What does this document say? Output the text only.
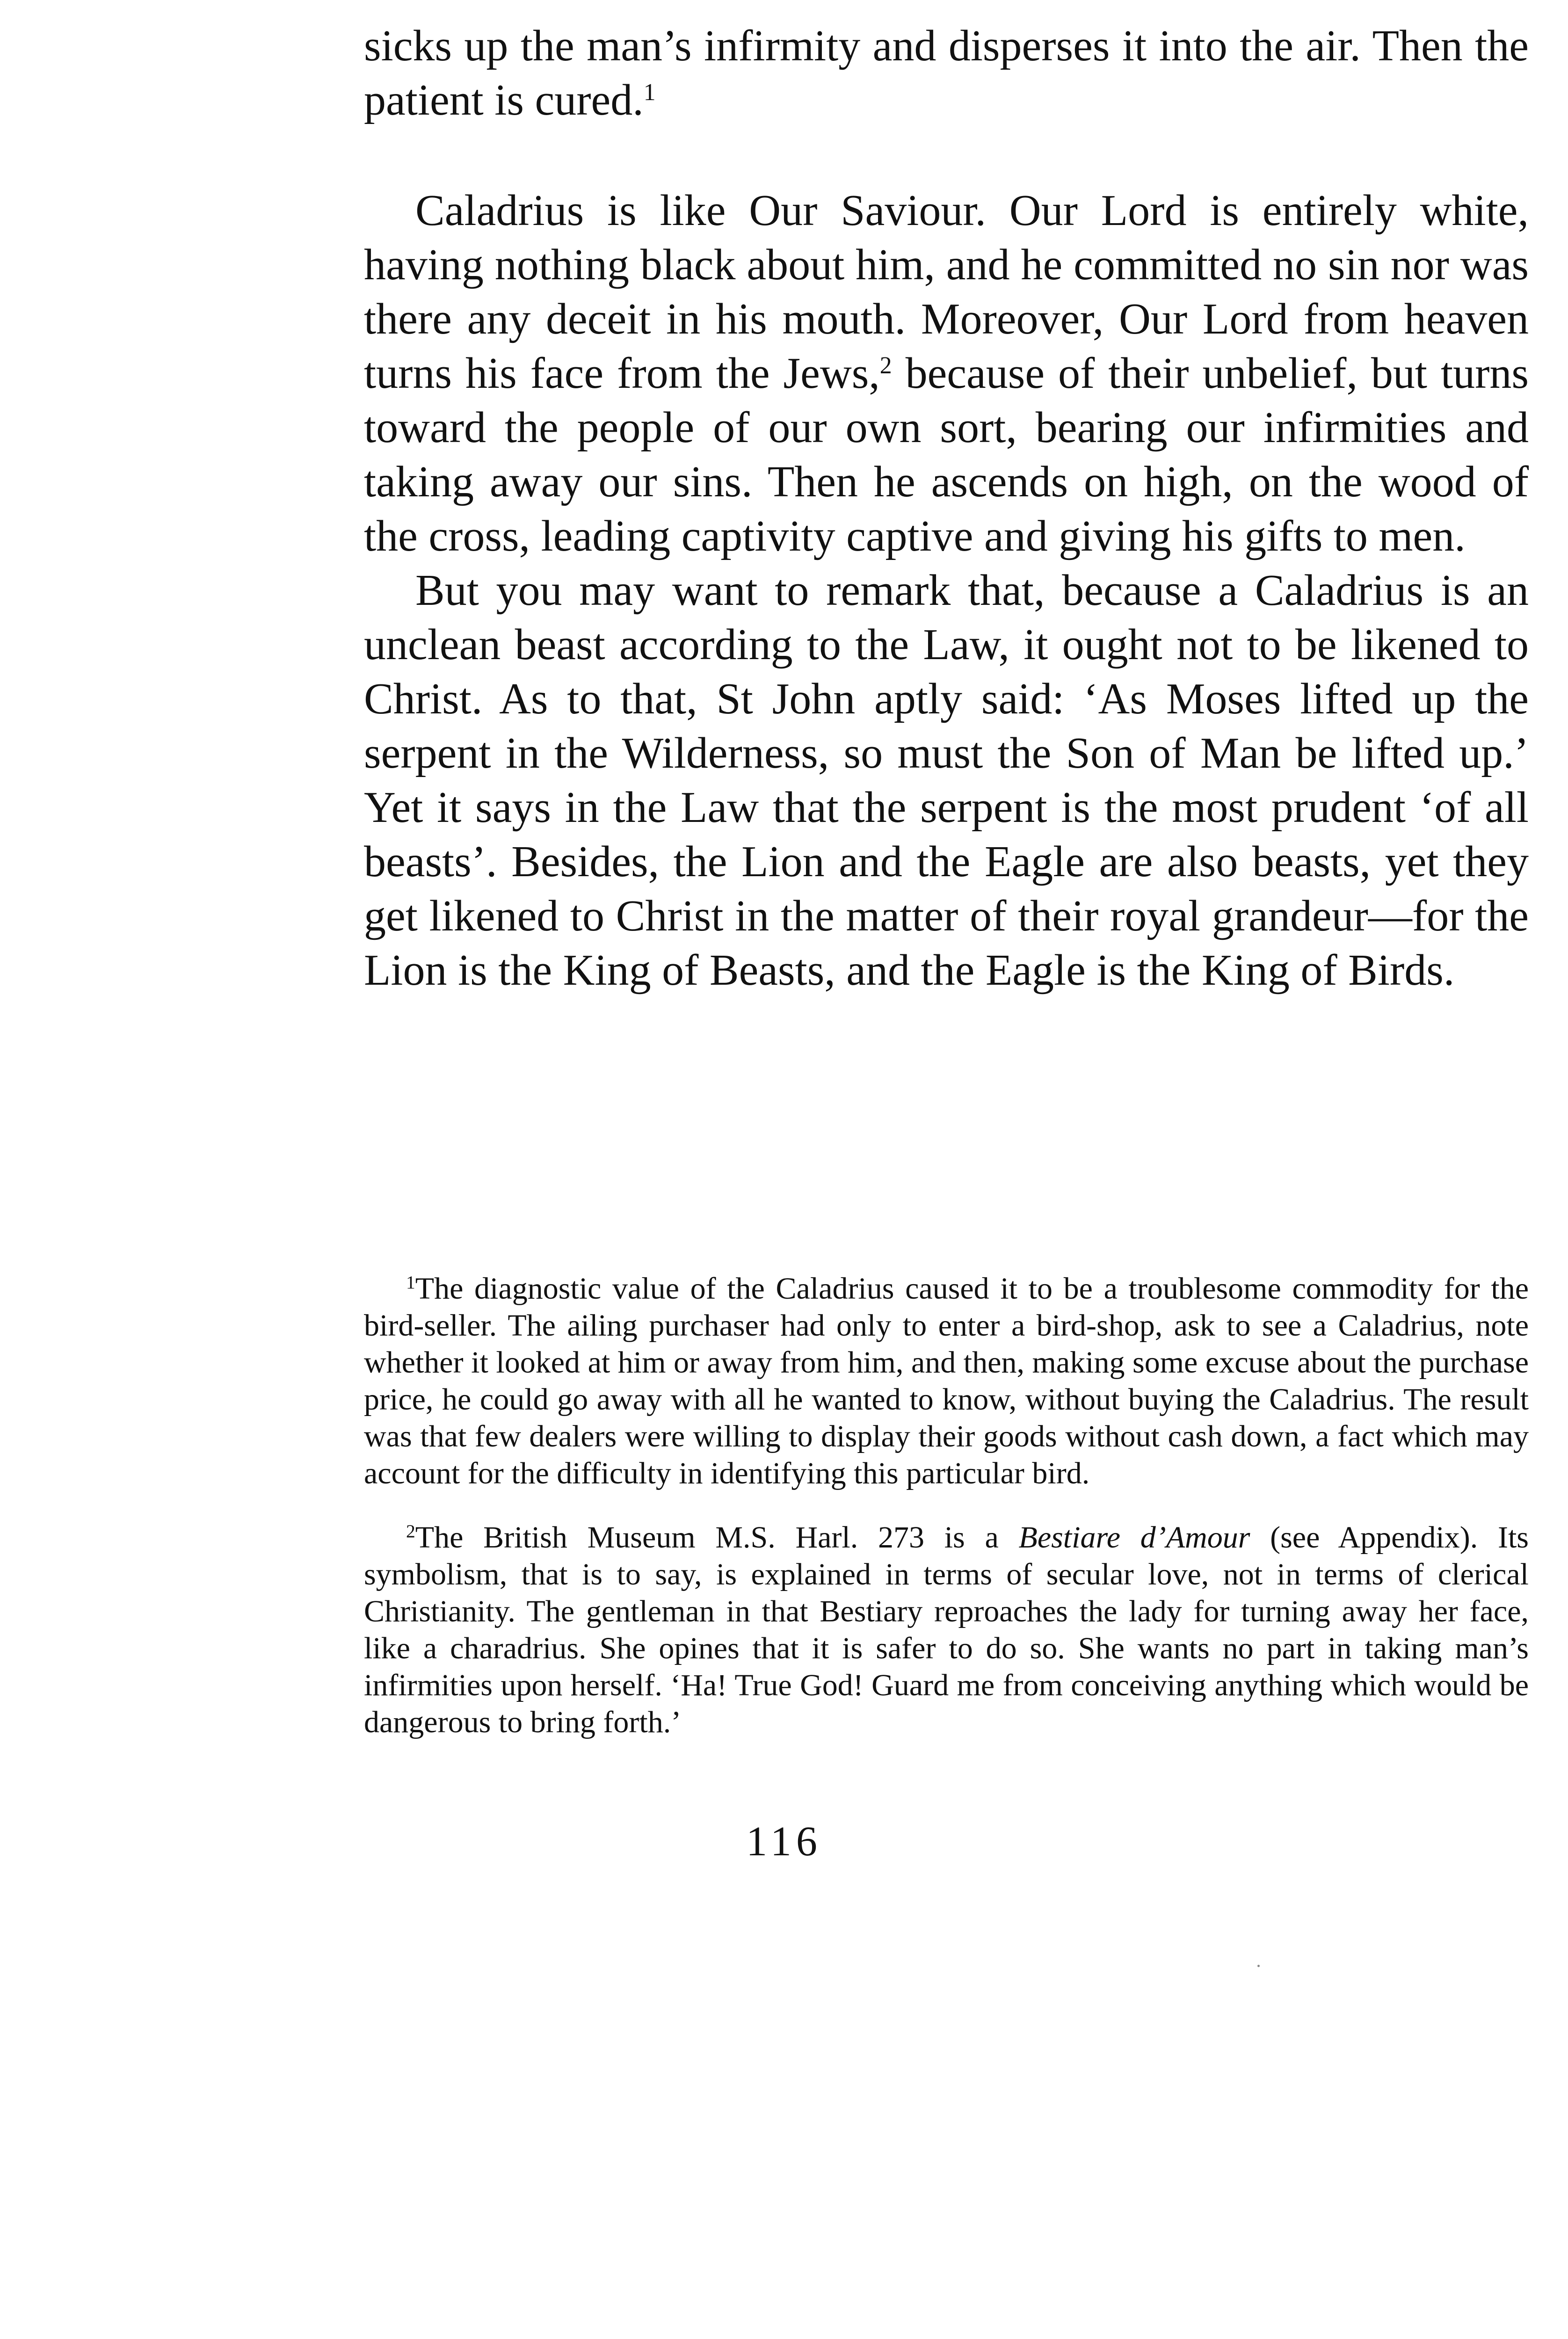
sicks up the man’s infirmity and disperses it into the air. Then the patient is cured.$^1$

Caladrius is like Our Saviour. Our Lord is entirely white, having nothing black about him, and he committed no sin nor was there any deceit in his mouth. Moreover, Our Lord from heaven turns his face from the Jews,$^2$ because of their unbelief, but turns toward the people of our own sort, bearing our infirmities and taking away our sins. Then he ascends on high, on the wood of the cross, leading captivity captive and giving his gifts to men.

But you may want to remark that, because a Caladrius is an unclean beast according to the Law, it ought not to be likened to Christ. As to that, St John aptly said: ‘As Moses lifted up the serpent in the Wilderness, so must the Son of Man be lifted up.’ Yet it says in the Law that the serpent is the most prudent ‘of all beasts’. Besides, the Lion and the Eagle are also beasts, yet they get likened to Christ in the matter of their royal grandeur—for the Lion is the King of Beasts, and the Eagle is the King of Birds.

$^1$The diagnostic value of the Caladrius caused it to be a troublesome commodity for the bird-seller. The ailing purchaser had only to enter a bird-shop, ask to see a Caladrius, note whether it looked at him or away from him, and then, making some excuse about the purchase price, he could go away with all he wanted to know, without buying the Caladrius. The result was that few dealers were willing to display their goods without cash down, a fact which may account for the difficulty in identifying this particular bird.

$^2$The British Museum M.S. Harl. 273 is a Bestiare d’Amour (see Appendix). Its symbolism, that is to say, is explained in terms of secular love, not in terms of clerical Christianity. The gentleman in that Bestiary reproaches the lady for turning away her face, like a charadrius. She opines that it is safer to do so. She wants no part in taking man’s infirmities upon herself. ‘Ha! True God! Guard me from conceiving anything which would be dangerous to bring forth.’

116
